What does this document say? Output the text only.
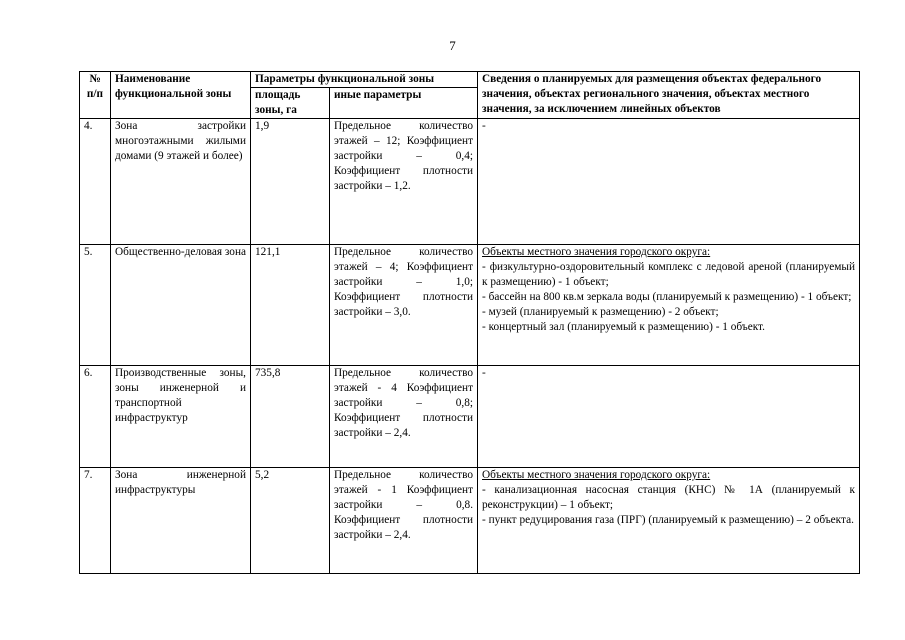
7
№ п/п	Наименование функциональной зоны	Параметры функциональной зоны		Сведения о планируемых для размещения объектах федерального значения, объектах регионального значения, объектах местного значения, за исключением линейных объектов
		площадь зоны, га	иные параметры	
4.	Зона застройки многоэтажными жилыми домами (9 этажей и более)	1,9	Предельное количество этажей – 12; Коэффициент застройки – 0,4; Коэффициент плотности застройки – 1,2.	-

5.	Общественно-деловая зона	121,1	Предельное количество этажей – 4; Коэффициент застройки – 1,0; Коэффициент плотности застройки – 3,0.	Объекты местного значения городского округа:
- физкультурно-оздоровительный комплекс с ледовой ареной (планируемый к размещению) - 1 объект;
- бассейн на 800 кв.м зеркала воды (планируемый к размещению) - 1 объект;
- музей (планируемый к размещению) - 2 объект;
- концертный зал (планируемый к размещению) - 1 объект.

6.	Производственные зоны, зоны инженерной и транспортной инфраструктур	735,8	Предельное количество этажей - 4 Коэффициент застройки – 0,8; Коэффициент плотности застройки – 2,4.	-

7.	Зона инженерной инфраструктуры	5,2	Предельное количество этажей - 1 Коэффициент застройки – 0,8. Коэффициент плотности застройки – 2,4.	Объекты местного значения городского округа:
- канализационная насосная станция (КНС) № 1А (планируемый к реконструкции) – 1 объект;
- пункт редуцирования газа (ПРГ) (планируемый к размещению) – 2 объекта.
